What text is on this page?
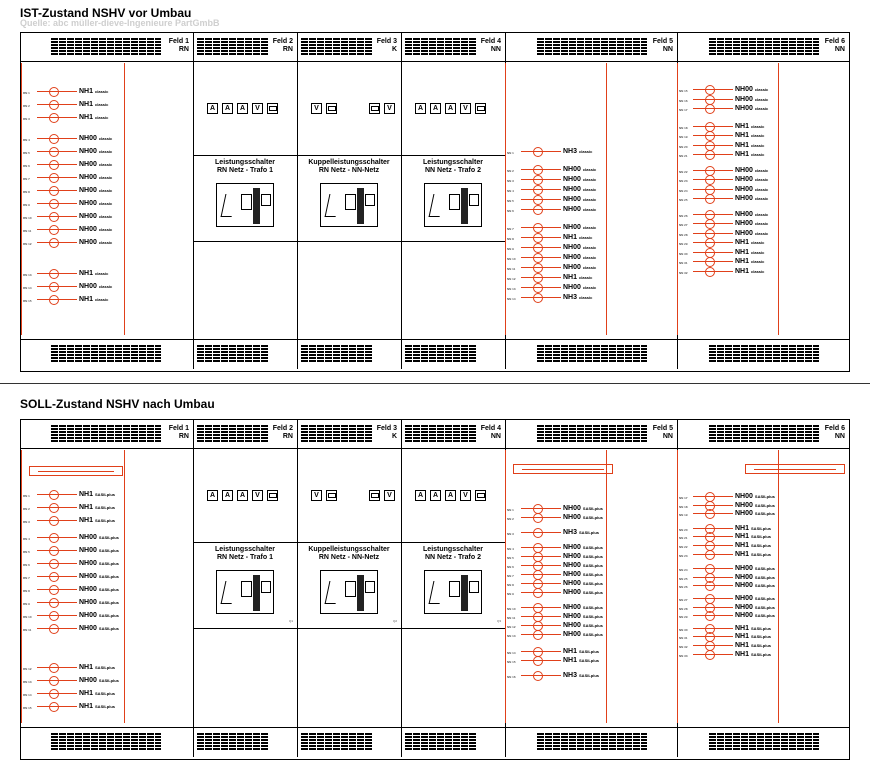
IST-Zustand NSHV vor Umbau
Quelle: abc müller-dieve-Ingenieure PartGmbB
Feld 1
RN
Feld 2
RN
Feld 3
K
Feld 4
NN
Feld 5
NN
Feld 6
NN
A	A	A	V
Leistungsschalter
RN Netz - Trafo 1
V	V
Kuppelleistungsschalter
RN Netz - NN-Netz
A	A	A	V
Leistungsschalter
NN Netz - Trafo 2
RN 1	NH1 classic
RN 2	NH1 classic
RN 3	NH1 classic
RN 4	NH00 classic
RN 5	NH00 classic
RN 6	NH00 classic
RN 7	NH00 classic
RN 8	NH00 classic
RN 9	NH00 classic
RN 10	NH00 classic
RN 11	NH00 classic
RN 12	NH00 classic
RN 13	NH1 classic
RN 14	NH00 classic
RN 15	NH1 classic
NN 1	NH3 classic
NN 2	NH00 classic
NN 3	NH00 classic
NN 4	NH00 classic
NN 5	NH00 classic
NN 6	NH00 classic
NN 7	NH00 classic
NN 8	NH1 classic
NN 9	NH00 classic
NN 10	NH00 classic
NN 11	NH00 classic
NN 12	NH1 classic
NN 13	NH00 classic
NN 14	NH3 classic
NN 15	NH00 classic
NN 16	NH00 classic
NN 17	NH00 classic
NN 18	NH1 classic
NN 19	NH1 classic
NN 20	NH1 classic
NN 21	NH1 classic
NN 22	NH00 classic
NN 23	NH00 classic
NN 24	NH00 classic
NN 25	NH00 classic
NN 26	NH00 classic
NN 27	NH00 classic
NN 28	NH00 classic
NN 29	NH1 classic
NN 30	NH1 classic
NN 31	NH1 classic
NN 32	NH1 classic
SOLL-Zustand NSHV nach Umbau
Feld 1
RN
Feld 2
RN
Feld 3
K
Feld 4
NN
Feld 5
NN
Feld 6
NN
A	A	A	V
Leistungsschalter
RN Netz - Trafo 1
Q1
V	V
Kuppelleistungsschalter
RN Netz - NN-Netz
Q2
A	A	A	V
Leistungsschalter
NN Netz - Trafo 2
Q3
RN 1	NH1 SASILplus
RN 2	NH1 SASILplus
RN 3	NH1 SASILplus
RN 4	NH00 SASILplus
RN 5	NH00 SASILplus
RN 6	NH00 SASILplus
RN 7	NH00 SASILplus
RN 8	NH00 SASILplus
RN 9	NH00 SASILplus
RN 10	NH00 SASILplus
RN 11	NH00 SASILplus
RN 12	NH1 SASILplus
RN 13	NH00 SASILplus
RN 14	NH1 SASILplus
RN 15	NH1 SASILplus
NN 1	NH00 SASILplus
NN 2	NH00 SASILplus
NN 3	NH3 SASILplus
NN 4	NH00 SASILplus
NN 5	NH00 SASILplus
NN 6	NH00 SASILplus
NN 7	NH00 SASILplus
NN 8	NH00 SASILplus
NN 9	NH00 SASILplus
NN 10	NH00 SASILplus
NN 11	NH00 SASILplus
NN 12	NH00 SASILplus
NN 13	NH00 SASILplus
NN 14	NH1 SASILplus
NN 15	NH1 SASILplus
NN 16	NH3 SASILplus
NN 17	NH00 SASILplus
NN 18	NH00 SASILplus
NN 19	NH00 SASILplus
NN 20	NH1 SASILplus
NN 21	NH1 SASILplus
NN 22	NH1 SASILplus
NN 23	NH1 SASILplus
NN 24	NH00 SASILplus
NN 25	NH00 SASILplus
NN 26	NH00 SASILplus
NN 27	NH00 SASILplus
NN 28	NH00 SASILplus
NN 29	NH00 SASILplus
NN 30	NH1 SASILplus
NN 31	NH1 SASILplus
NN 32	NH1 SASILplus
NN 33	NH1 SASILplus
